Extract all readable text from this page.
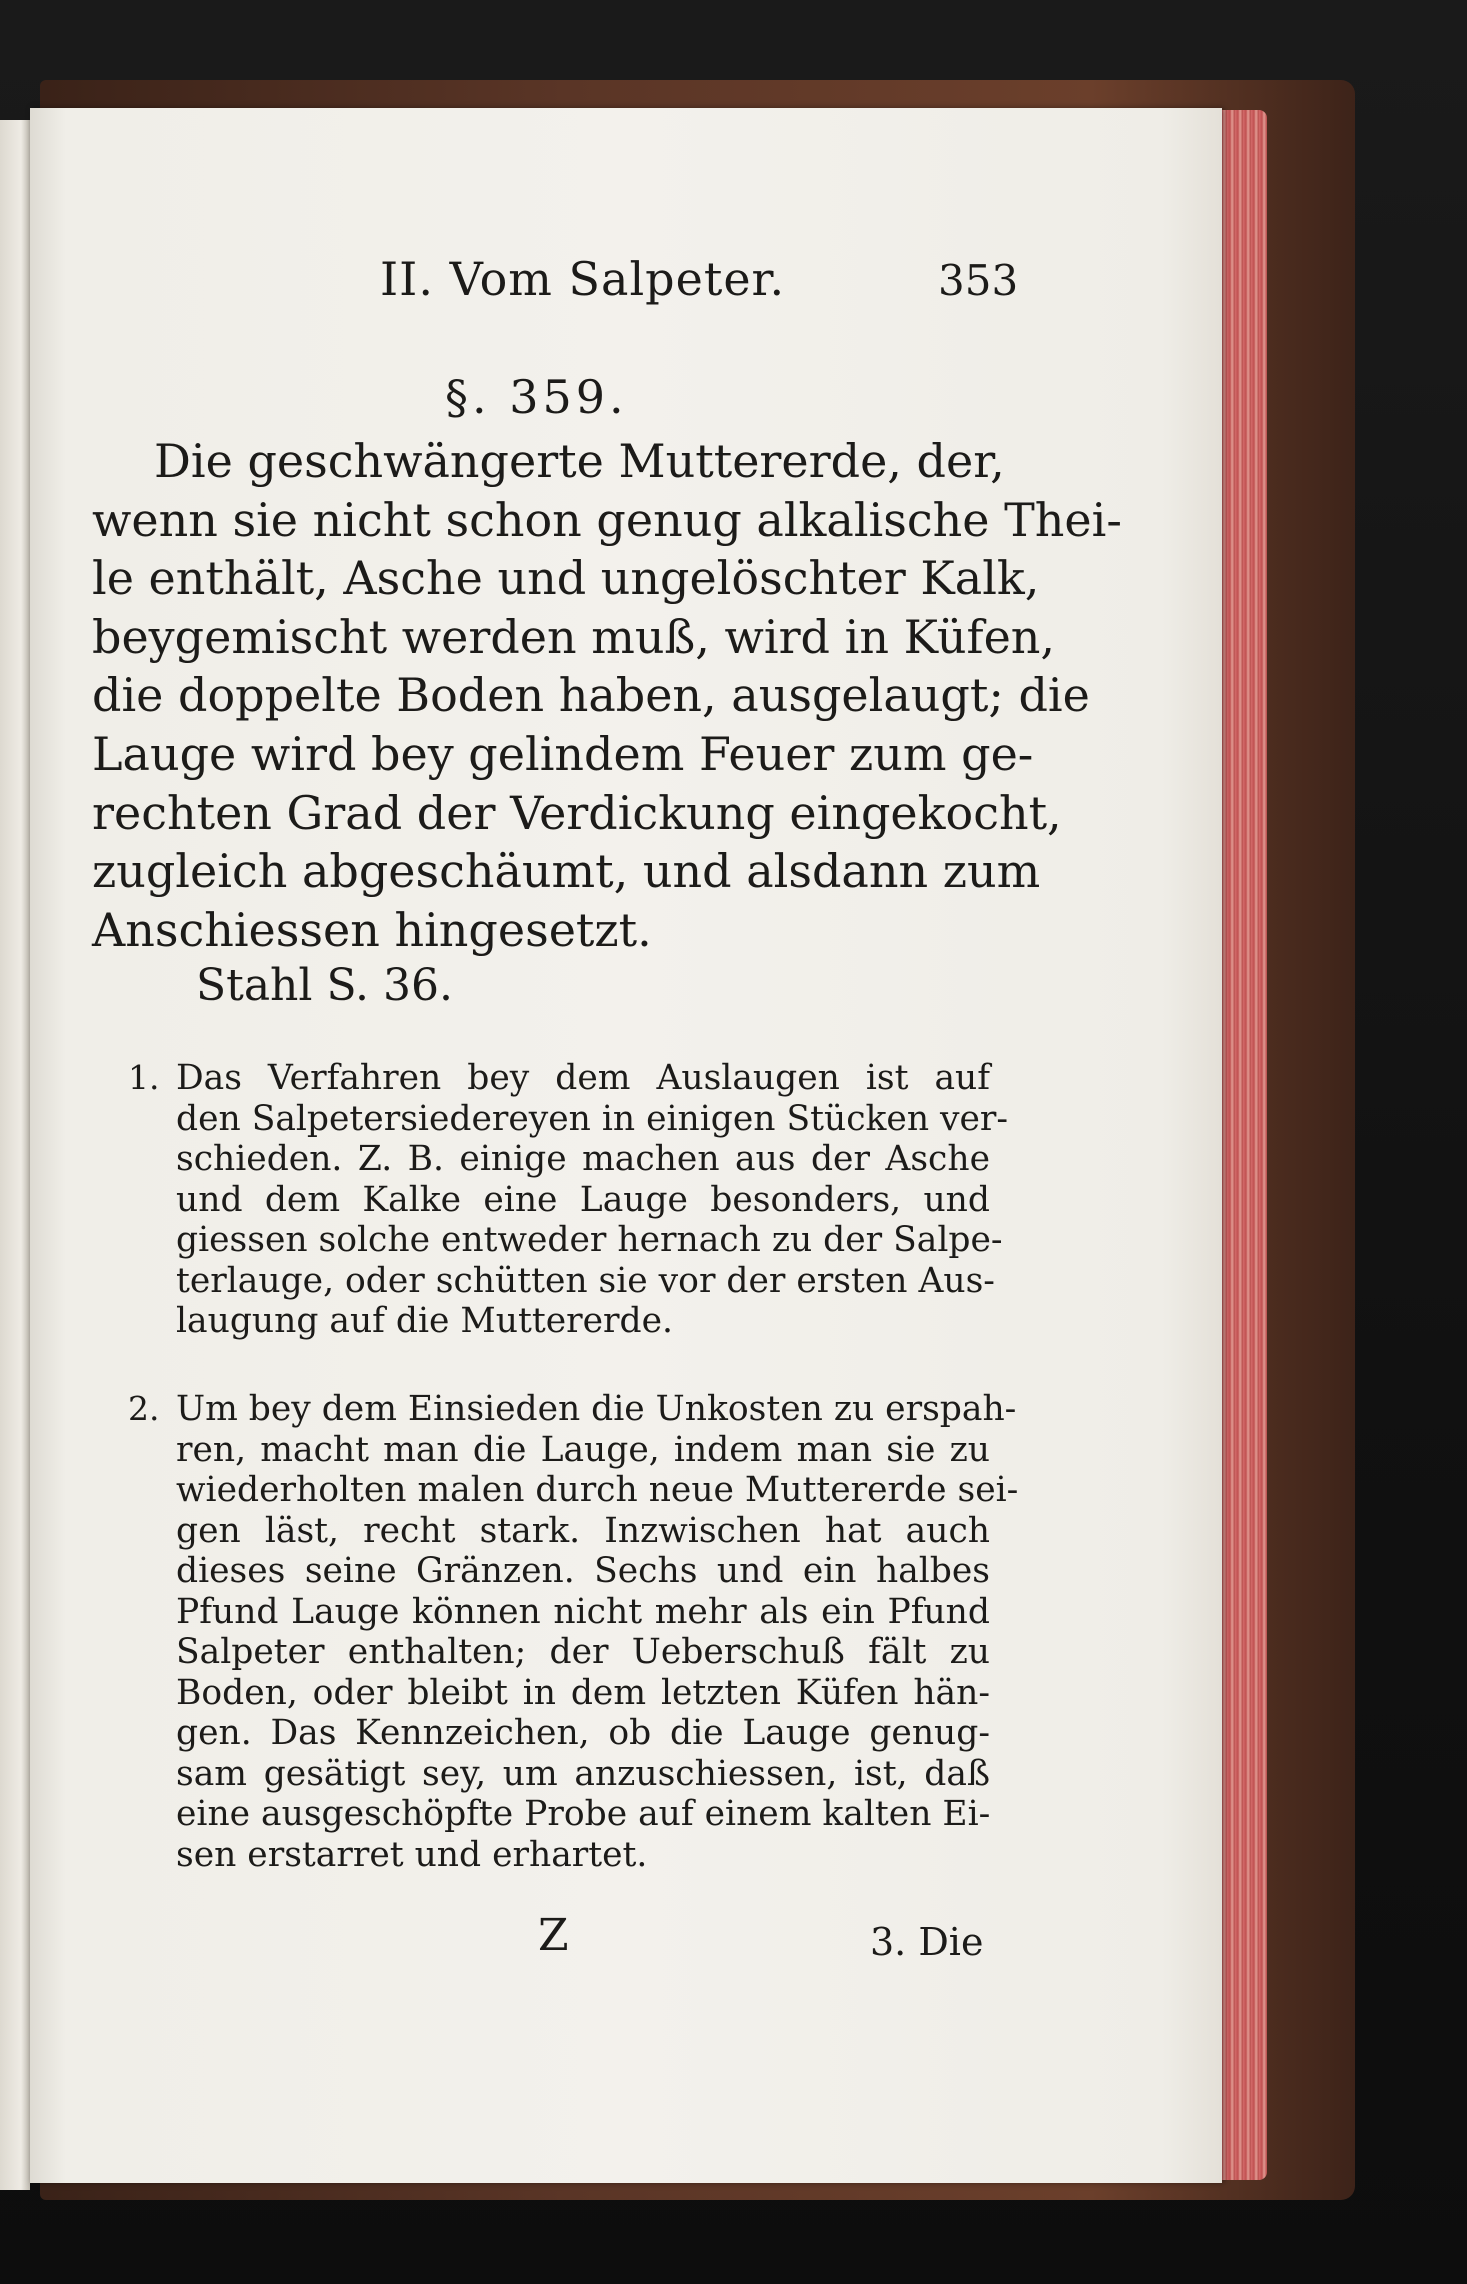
II. Vom Salpeter.	353
§. 359.
Die geschwängerte Muttererde, der,
wenn sie nicht schon genug alkalische Thei-
le enthält, Asche und ungelöschter Kalk,
beygemischt werden muß, wird in Küfen,
die doppelte Boden haben, ausgelaugt; die
Lauge wird bey gelindem Feuer zum ge-
rechten Grad der Verdickung eingekocht,
zugleich abgeschäumt, und alsdann zum
Anschiessen hingesetzt.
Stahl S. 36.
1. Das Verfahren bey dem Auslaugen ist auf
den Salpetersiedereyen in einigen Stücken ver-
schieden. Z. B. einige machen aus der Asche
und dem Kalke eine Lauge besonders, und
giessen solche entweder hernach zu der Salpe-
terlauge, oder schütten sie vor der ersten Aus-
laugung auf die Muttererde.
2. Um bey dem Einsieden die Unkosten zu erspah-
ren, macht man die Lauge, indem man sie zu
wiederholten malen durch neue Muttererde sei-
gen läst, recht stark. Inzwischen hat auch
dieses seine Gränzen. Sechs und ein halbes
Pfund Lauge können nicht mehr als ein Pfund
Salpeter enthalten; der Ueberschuß fält zu
Boden, oder bleibt in dem letzten Küfen hän-
gen. Das Kennzeichen, ob die Lauge genug-
sam gesätigt sey, um anzuschiessen, ist, daß
eine ausgeschöpfte Probe auf einem kalten Ei-
sen erstarret und erhartet.
Z	3. Die
